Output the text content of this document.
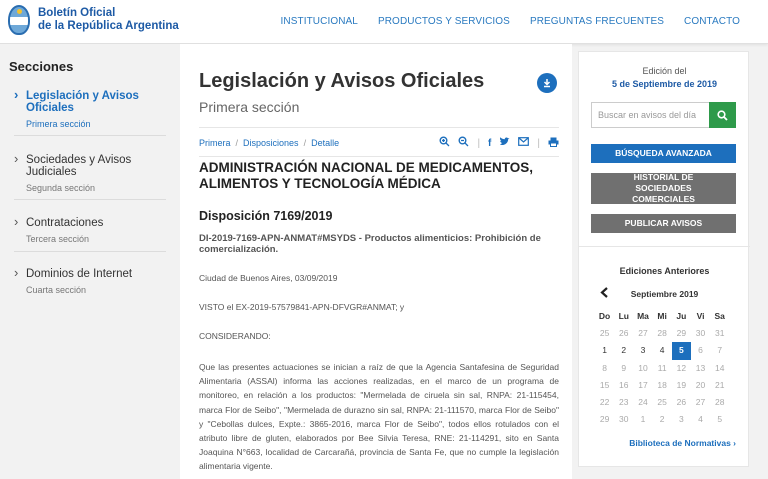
Boletín Oficial
de la República Argentina	INSTITUCIONAL PRODUCTOS Y SERVICIOS PREGUNTAS FRECUENTES CONTACTO
Secciones
› Legislación y Avisos Oficiales
Primera sección
› Sociedades y Avisos Judiciales
Segunda sección
› Contrataciones
Tercera sección
› Dominios de Internet
Cuarta sección
Legislación y Avisos Oficiales
Primera sección
Primera / Disposiciones / Detalle	| f	|
ADMINISTRACIÓN NACIONAL DE MEDICAMENTOS, ALIMENTOS Y TECNOLOGÍA MÉDICA
Disposición 7169/2019
DI-2019-7169-APN-ANMAT#MSYDS - Productos alimenticios: Prohibición de comercialización.
Ciudad de Buenos Aires, 03/09/2019
VISTO el EX-2019-57579841-APN-DFVGR#ANMAT; y
CONSIDERANDO:
Que las presentes actuaciones se inician a raíz de que la Agencia Santafesina de Seguridad Alimentaria (ASSAl) informa las acciones realizadas, en el marco de un programa de monitoreo, en relación a los productos: "Mermelada de ciruela sin sal, RNPA: 21-115454, marca Flor de Seibo", "Mermelada de durazno sin sal, RNPA: 21-111570, marca Flor de Seibo" y "Cebollas dulces, Expte.: 3865-2016, marca Flor de Seibo", todos ellos rotulados con el atributo libre de gluten, elaborados por Bee Silvia Teresa, RNE: 21-114291, sito en Santa Joaquina N°663, localidad de Carcarañá, provincia de Santa Fe, que no cumple la legislación alimentaria vigente.
Edición del
5 de Septiembre de 2019
Buscar en avisos del día
BÚSQUEDA AVANZADA
HISTORIAL DE SOCIEDADES COMERCIALES
PUBLICAR AVISOS
Ediciones Anteriores
Septiembre 2019
Do Lu Ma	Mi	Ju	Vi	Sa
25	26	27	28	29	30	31
1	2	3	4	5	6	7
8	9	10	11	12	13	14
15	16	17	18	19	20	21
22	23	24	25	26	27	28
29	30	1	2	3	4	5
Biblioteca de Normativas ›
